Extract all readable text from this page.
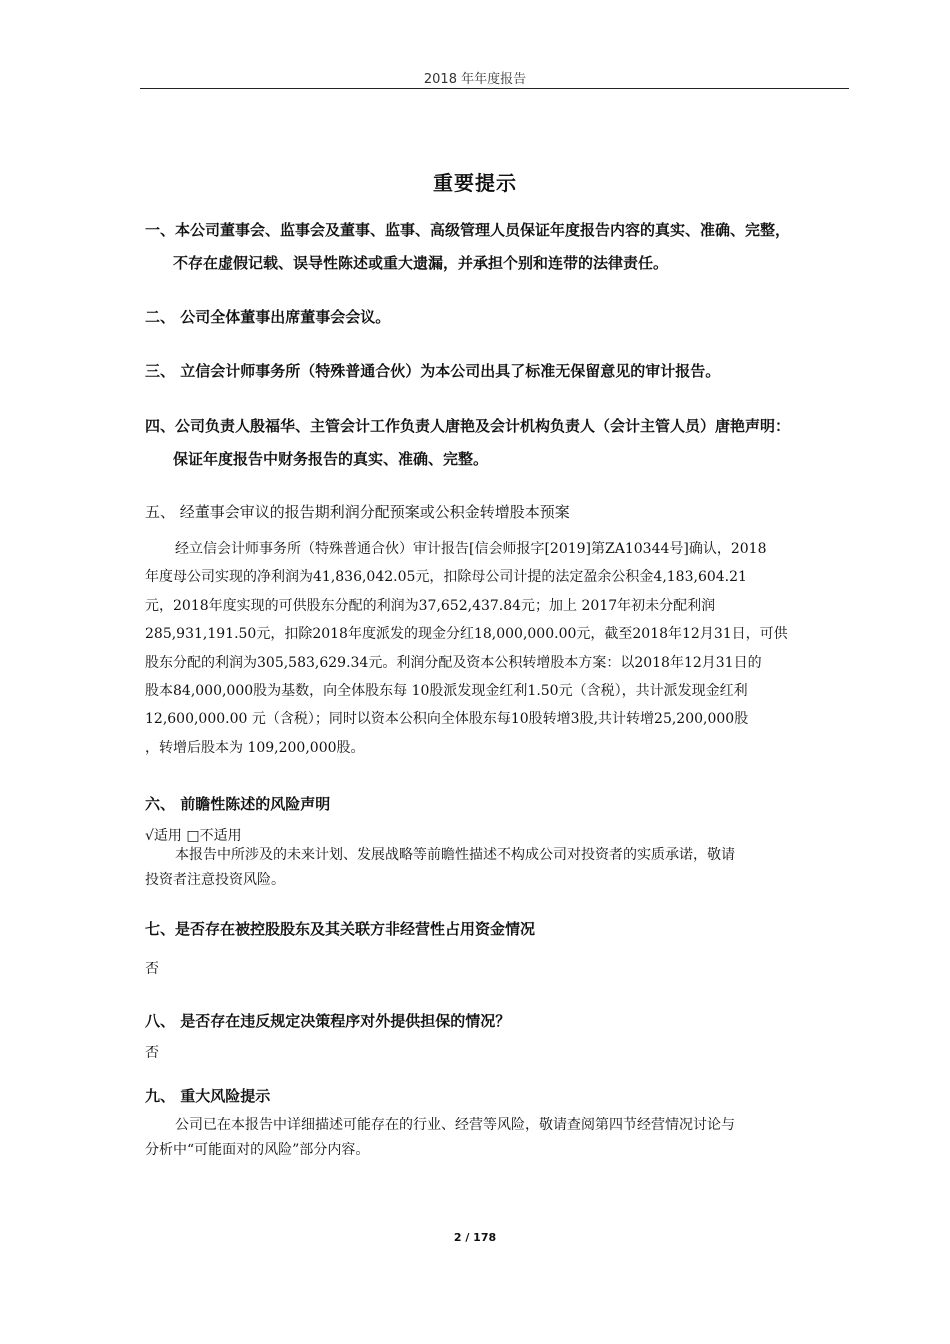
2018 年年度报告
重要提示
一、本公司董事会、监事会及董事、监事、高级管理人员保证年度报告内容的真实、准确、完整，
不存在虚假记载、误导性陈述或重大遗漏，并承担个别和连带的法律责任。
二、 公司全体董事出席董事会会议。
三、 立信会计师事务所（特殊普通合伙）为本公司出具了标准无保留意见的审计报告。
四、公司负责人殷福华、主管会计工作负责人唐艳及会计机构负责人（会计主管人员）唐艳声明：
保证年度报告中财务报告的真实、准确、完整。
五、 经董事会审议的报告期利润分配预案或公积金转增股本预案

经立信会计师事务所（特殊普通合伙）审计报告[信会师报字[2019]第ZA10344号]确认，2018

年度母公司实现的净利润为41,836,042.05元，扣除母公司计提的法定盈余公积金4,183,604.21

元，2018年度实现的可供股东分配的利润为37,652,437.84元；加上 2017年初未分配利润

285,931,191.50元，扣除2018年度派发的现金分红18,000,000.00元，截至2018年12月31日，可供

股东分配的利润为305,583,629.34元。利润分配及资本公积转增股本方案：以2018年12月31日的

股本84,000,000股为基数，向全体股东每 10股派发现金红利1.50元（含税），共计派发现金红利

12,600,000.00 元（含税）；同时以资本公积向全体股东每10股转增3股,共计转增25,200,000股

，转增后股本为 109,200,000股。

六、 前瞻性陈述的风险声明
√适用 □不适用

本报告中所涉及的未来计划、发展战略等前瞻性描述不构成公司对投资者的实质承诺，敬请

投资者注意投资风险。

七、是否存在被控股股东及其关联方非经营性占用资金情况
否
八、 是否存在违反规定决策程序对外提供担保的情况？
否
九、 重大风险提示

公司已在本报告中详细描述可能存在的行业、经营等风险，敬请查阅第四节经营情况讨论与

分析中“可能面对的风险”部分内容。

2 / 178
